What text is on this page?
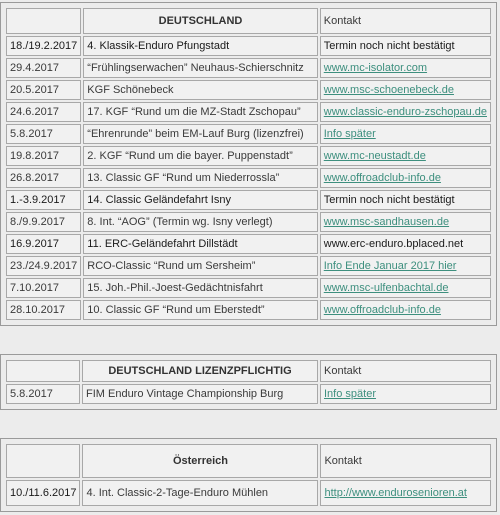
	DEUTSCHLAND	Kontakt
18./19.2.2017	4. Klassik-Enduro Pfungstadt	Termin noch nicht bestätigt
29.4.2017	“Frühlingserwachen” Neuhaus-Schierschnitz	www.mc-isolator.com
20.5.2017	KGF Schönebeck	www.msc-schoenebeck.de
24.6.2017	17. KGF “Rund um die MZ-Stadt Zschopau”	www.classic-enduro-zschopau.de
5.8.2017	“Ehrenrunde” beim EM-Lauf Burg (lizenzfrei)	Info später
19.8.2017	2. KGF “Rund um die bayer. Puppenstadt”	www.mc-neustadt.de
26.8.2017	13. Classic GF “Rund um Niederrossla”	www.offroadclub-info.de
1.-3.9.2017	14. Classic Geländefahrt Isny	Termin noch nicht bestätigt
8./9.9.2017	8. Int. “AOG” (Termin wg. Isny verlegt)	www.msc-sandhausen.de
16.9.2017	11. ERC-Geländefahrt Dillstädt	www.erc-enduro.bplaced.net
23./24.9.2017	RCO-Classic “Rund um Sersheim”	Info Ende Januar 2017 hier
7.10.2017	15. Joh.-Phil.-Joest-Gedächtnisfahrt	www.msc-ulfenbachtal.de
28.10.2017	10. Classic GF “Rund um Eberstedt”	www.offroadclub-info.de
	DEUTSCHLAND LIZENZPFLICHTIG	Kontakt
5.8.2017	FIM Enduro Vintage Championship Burg	Info später
	Österreich	Kontakt
10./11.6.2017	4. Int. Classic-2-Tage-Enduro Mühlen	http://www.endurosenioren.at
